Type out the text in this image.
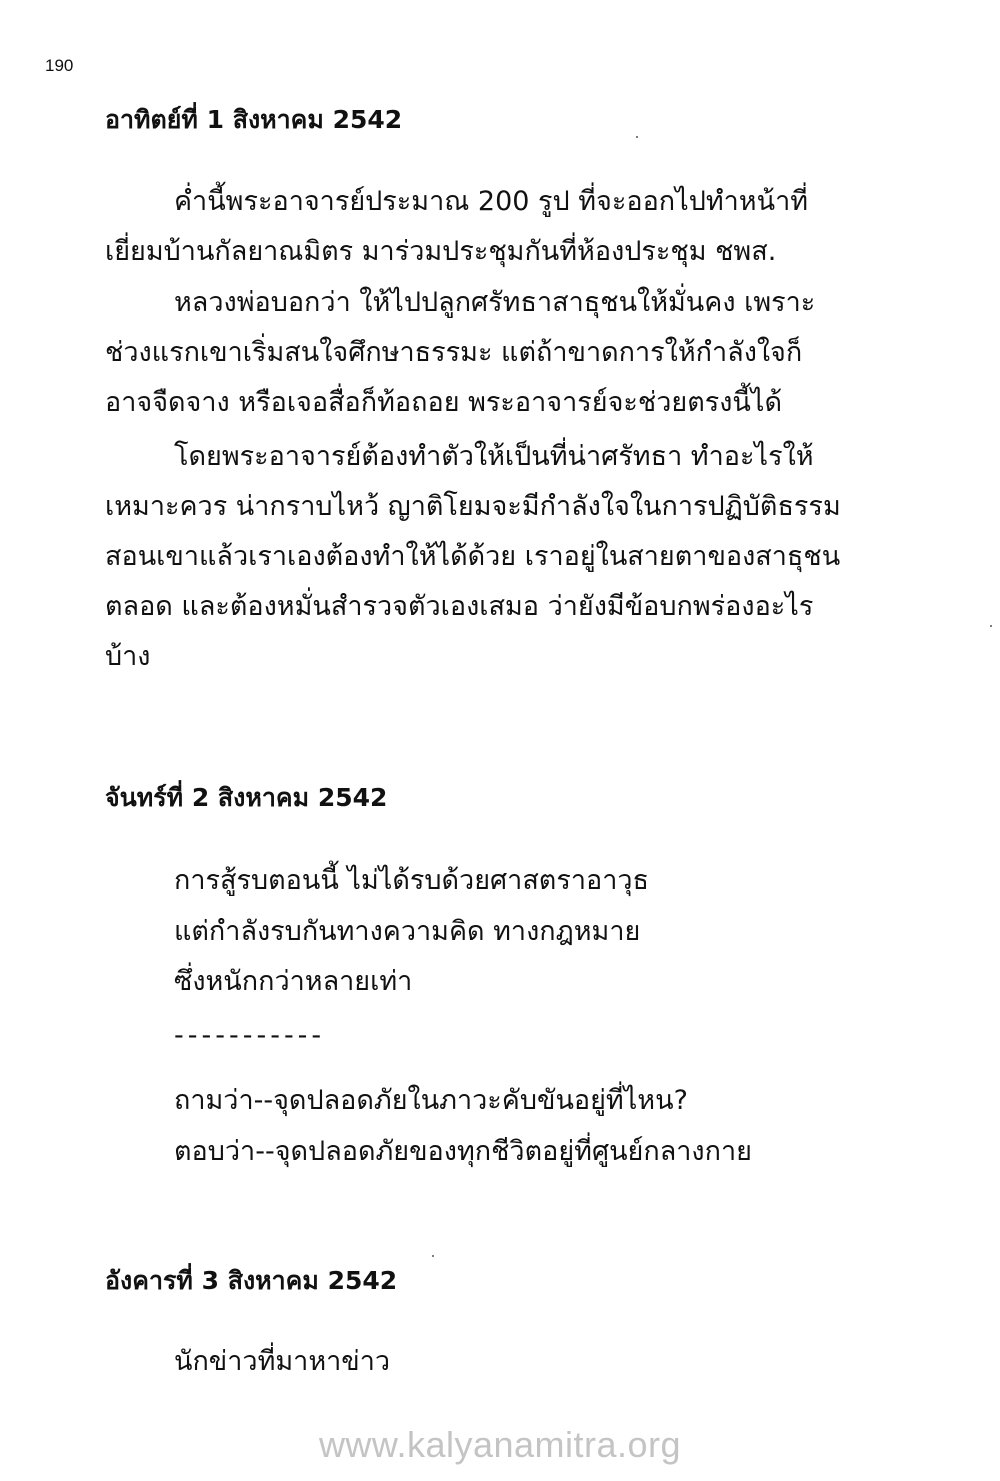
190
อาทิตย์ที่ 1 สิงหาคม 2542
ค่ำนี้พระอาจารย์ประมาณ 200 รูป ที่จะออกไปทำหน้าที่
เยี่ยมบ้านกัลยาณมิตร มาร่วมประชุมกันที่ห้องประชุม ชพส.
หลวงพ่อบอกว่า ให้ไปปลูกศรัทธาสาธุชนให้มั่นคง เพราะ
ช่วงแรกเขาเริ่มสนใจศึกษาธรรมะ แต่ถ้าขาดการให้กำลังใจก็
อาจจืดจาง หรือเจอสื่อก็ท้อถอย พระอาจารย์จะช่วยตรงนี้ได้
โดยพระอาจารย์ต้องทำตัวให้เป็นที่น่าศรัทธา ทำอะไรให้
เหมาะควร น่ากราบไหว้ ญาติโยมจะมีกำลังใจในการปฏิบัติธรรม
สอนเขาแล้วเราเองต้องทำให้ได้ด้วย เราอยู่ในสายตาของสาธุชน
ตลอด และต้องหมั่นสำรวจตัวเองเสมอ ว่ายังมีข้อบกพร่องอะไร
บ้าง
จันทร์ที่ 2 สิงหาคม 2542
การสู้รบตอนนี้ ไม่ได้รบด้วยศาสตราอาวุธ
แต่กำลังรบกันทางความคิด ทางกฎหมาย
ซึ่งหนักกว่าหลายเท่า
-----------
ถามว่า--จุดปลอดภัยในภาวะคับขันอยู่ที่ไหน?
ตอบว่า--จุดปลอดภัยของทุกชีวิตอยู่ที่ศูนย์กลางกาย
อังคารที่ 3 สิงหาคม 2542
นักข่าวที่มาหาข่าว
www.kalyanamitra.org
